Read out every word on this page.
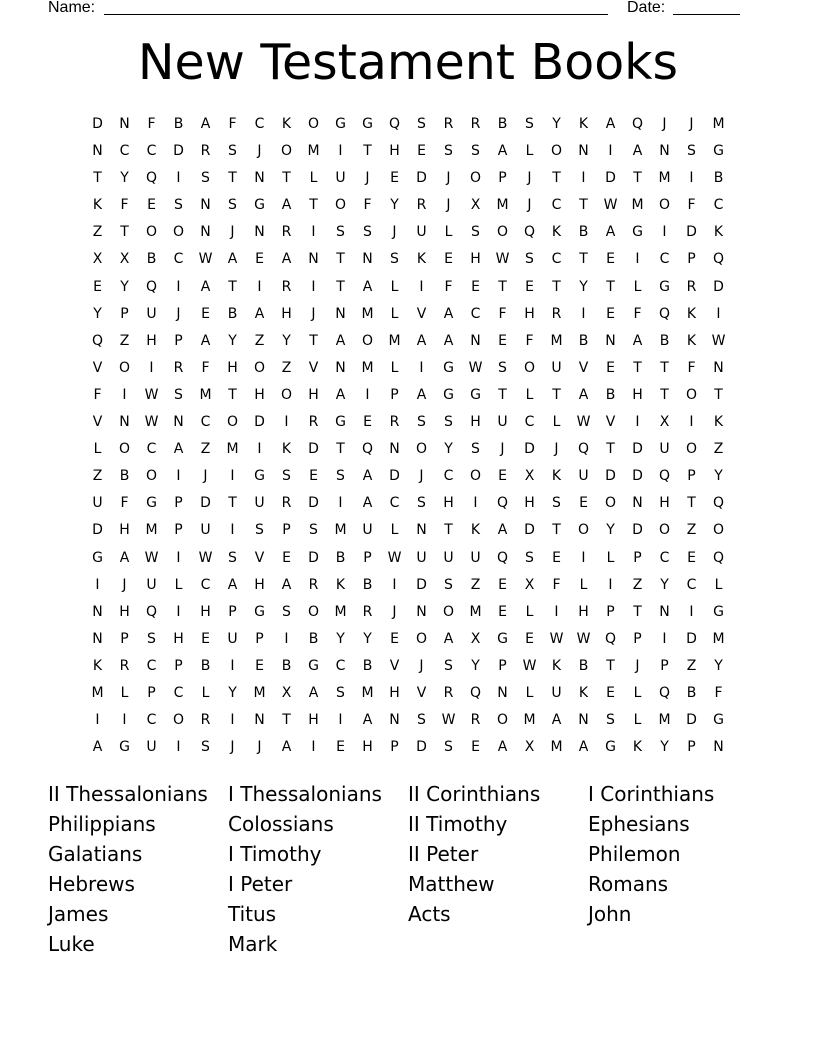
Name:	Date:
New Testament Books
D	N	F	B	A	F	C	K	O	G	G	Q	S	R	R	B	S	Y	K	A	Q	J	J	M
N	C	C	D	R	S	J	O	M	I	T	H	E	S	S	A	L	O	N	I	A	N	S	G
T	Y	Q	I	S	T	N	T	L	U	J	E	D	J	O	P	J	T	I	D	T	M	I	B
K	F	E	S	N	S	G	A	T	O	F	Y	R	J	X	M	J	C	T	W	M	O	F	C
Z	T	O	O	N	J	N	R	I	S	S	J	U	L	S	O	Q	K	B	A	G	I	D	K
X	X	B	C	W	A	E	A	N	T	N	S	K	E	H	W	S	C	T	E	I	C	P	Q
E	Y	Q	I	A	T	I	R	I	T	A	L	I	F	E	T	E	T	Y	T	L	G	R	D
Y	P	U	J	E	B	A	H	J	N	M	L	V	A	C	F	H	R	I	E	F	Q	K	I
Q	Z	H	P	A	Y	Z	Y	T	A	O	M	A	A	N	E	F	M	B	N	A	B	K	W
V	O	I	R	F	H	O	Z	V	N	M	L	I	G	W	S	O	U	V	E	T	T	F	N
F	I	W	S	M	T	H	O	H	A	I	P	A	G	G	T	L	T	A	B	H	T	O	T
V	N	W	N	C	O	D	I	R	G	E	R	S	S	H	U	C	L	W	V	I	X	I	K
L	O	C	A	Z	M	I	K	D	T	Q	N	O	Y	S	J	D	J	Q	T	D	U	O	Z
Z	B	O	I	J	I	G	S	E	S	A	D	J	C	O	E	X	K	U	D	D	Q	P	Y
U	F	G	P	D	T	U	R	D	I	A	C	S	H	I	Q	H	S	E	O	N	H	T	Q
D	H	M	P	U	I	S	P	S	M	U	L	N	T	K	A	D	T	O	Y	D	O	Z	O
G	A	W	I	W	S	V	E	D	B	P	W	U	U	U	Q	S	E	I	L	P	C	E	Q
I	J	U	L	C	A	H	A	R	K	B	I	D	S	Z	E	X	F	L	I	Z	Y	C	L
N	H	Q	I	H	P	G	S	O	M	R	J	N	O	M	E	L	I	H	P	T	N	I	G
N	P	S	H	E	U	P	I	B	Y	Y	E	O	A	X	G	E	W W	Q	P	I	D	M
K	R	C	P	B	I	E	B	G	C	B	V	J	S	Y	P	W	K	B	T	J	P	Z	Y
M	L	P	C	L	Y	M	X	A	S	M	H	V	R	Q	N	L	U	K	E	L	Q	B	F
I	I	C	O	R	I	N	T	H	I	A	N	S	W	R	O	M	A	N	S	L	M	D	G
A	G	U	I	S	J	J	A	I	E	H	P	D	S	E	A	X	M	A	G	K	Y	P	N
II Thessalonians	I Thessalonians	II Corinthians	I Corinthians
Philippians	Colossians	II Timothy	Ephesians
Galatians	I Timothy	II Peter	Philemon
Hebrews	I Peter	Matthew	Romans
James	Titus	Acts	John
Luke	Mark
